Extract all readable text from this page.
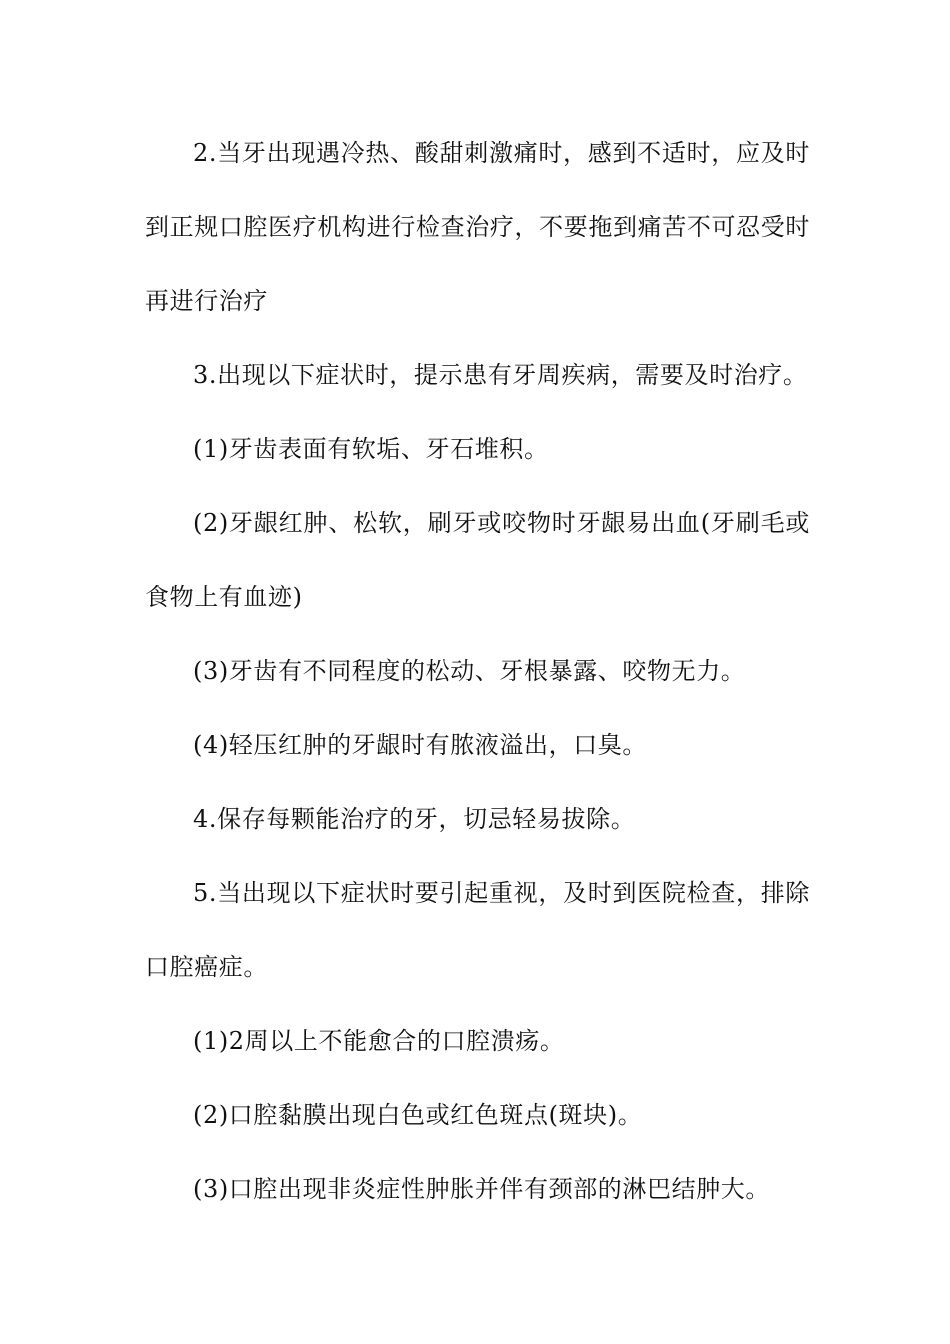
2.当牙出现遇冷热、酸甜刺激痛时，感到不适时，应及时到正规口腔医疗机构进行检查治疗，不要拖到痛苦不可忍受时再进行治疗

3.出现以下症状时，提示患有牙周疾病，需要及时治疗。

(1)牙齿表面有软垢、牙石堆积。

(2)牙龈红肿、松软，刷牙或咬物时牙龈易出血(牙刷毛或食物上有血迹)

(3)牙齿有不同程度的松动、牙根暴露、咬物无力。

(4)轻压红肿的牙龈时有脓液溢出，口臭。

4.保存每颗能治疗的牙，切忌轻易拔除。

5.当出现以下症状时要引起重视，及时到医院检查，排除口腔癌症。

(1)2周以上不能愈合的口腔溃疡。

(2)口腔黏膜出现白色或红色斑点(斑块)。

(3)口腔出现非炎症性肿胀并伴有颈部的淋巴结肿大。
